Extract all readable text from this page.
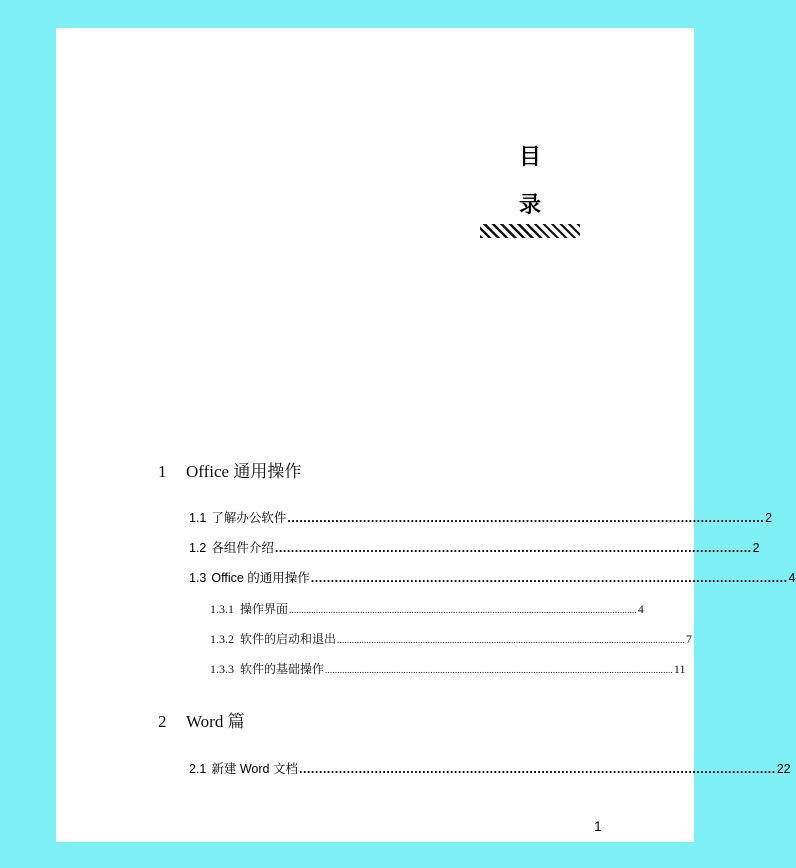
目
录
1 Office 通用操作
1.1 了解办公软件 ........................................................................................................................ 2
1.2 各组件介绍 ........................................................................................................................ 2
1.3 Office 的通用操作 ........................................................................................................................ 4
1.3.1 操作界面 .............................................................................................................................................. 4
1.3.2 软件的启动和退出 .............................................................................................................................................. 7
1.3.3 软件的基础操作 .............................................................................................................................................. 11
2 Word 篇
2.1 新建 Word 文档 ........................................................................................................................ 22
1
